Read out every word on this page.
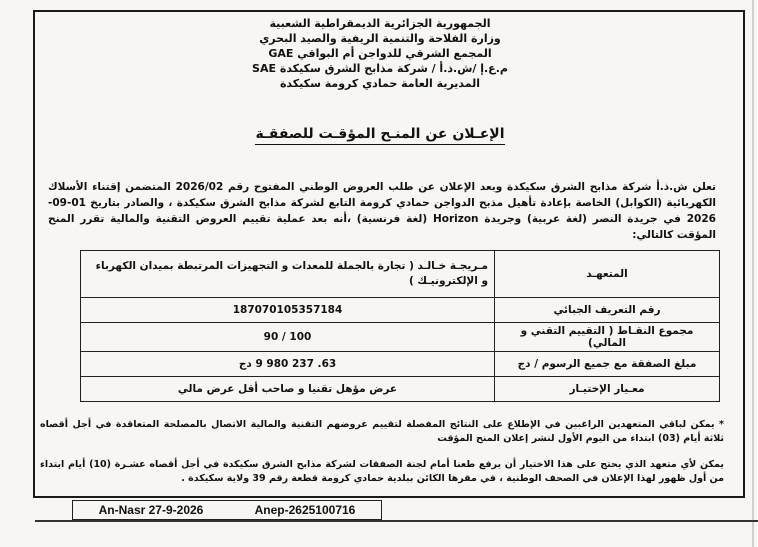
الجمهورية الجزائرية الديمقراطية الشعبية
وزارة الفلاحة والتنمية الريفية والصيد البحري
المجمع الشرقي للدواجن أم البواقي GAE
م.ع.إ /ش.ذ.أ / شركة مذابح الشرق سكيكدة SAE
المديرية العامة حمادي كرومة سكيكدة
الإعـلان عن المنـح المؤقـت للصفقـة
تعلن ش.ذ.أ شركة مذابح الشرق سكيكدة وبعد الإعلان عن طلب العروض الوطني المفتوح رقم 2026/02 المتضمن إقتناء الأسلاك الكهربائية (الكوابل) الخاصة بإعادة تأهيل مذبح الدواجن حمادي كرومة التابع لشركة مذابح الشرق سكيكدة ، والصادر بتاريخ 01-09-2026 في جريدة النصر (لغة عربية) وجريدة Horizon (لغة فرنسية) ،أنه بعد عملية تقييم العروض التقنية والمالية تقرر المنح المؤقت كالتالي:
المتعهـد	مـريجـة خـالـد ( تجارة بالجملة للمعدات و التجهيزات المرتبطة بميدان الكهرباء و الإلكترونيـك )
رقم التعريف الجبائي	187070105357184
مجموع النقـاط ( التقييم التقني و المالي)	100 / 90
مبلغ الصفقة مع جميع الرسوم / دج	63. 237 980 9 دج
معـيار الإختيـار	عرض مؤهل تقنيا و صاحب أقل عرض مالي
* يمكن لباقي المتعهدين الراغبين في الإطلاع على النتائج المفصلة لتقييم عروضهم التقنية والمالية الاتصال بالمصلحة المتعاقدة في أجل أقصاه ثلاثة أيام (03) ابتداء من اليوم الأول لنشر إعلان المنح المؤقت
يمكن لأي متعهد الذي يحتج على هذا الاختيار أن يرفع طعنا أمام لجنة الصفقات لشركة مذابح الشرق سكيكدة في أجل أقصاه عشـرة (10) أيام ابتداء من أول ظهور لهذا الإعلان في الصحف الوطنية ، في مقرها الكائن ببلدية حمادي كرومة قطعة رقم 39 ولاية سكيكدة .
An-Nasr 27-9-2026	Anep-2625100716
